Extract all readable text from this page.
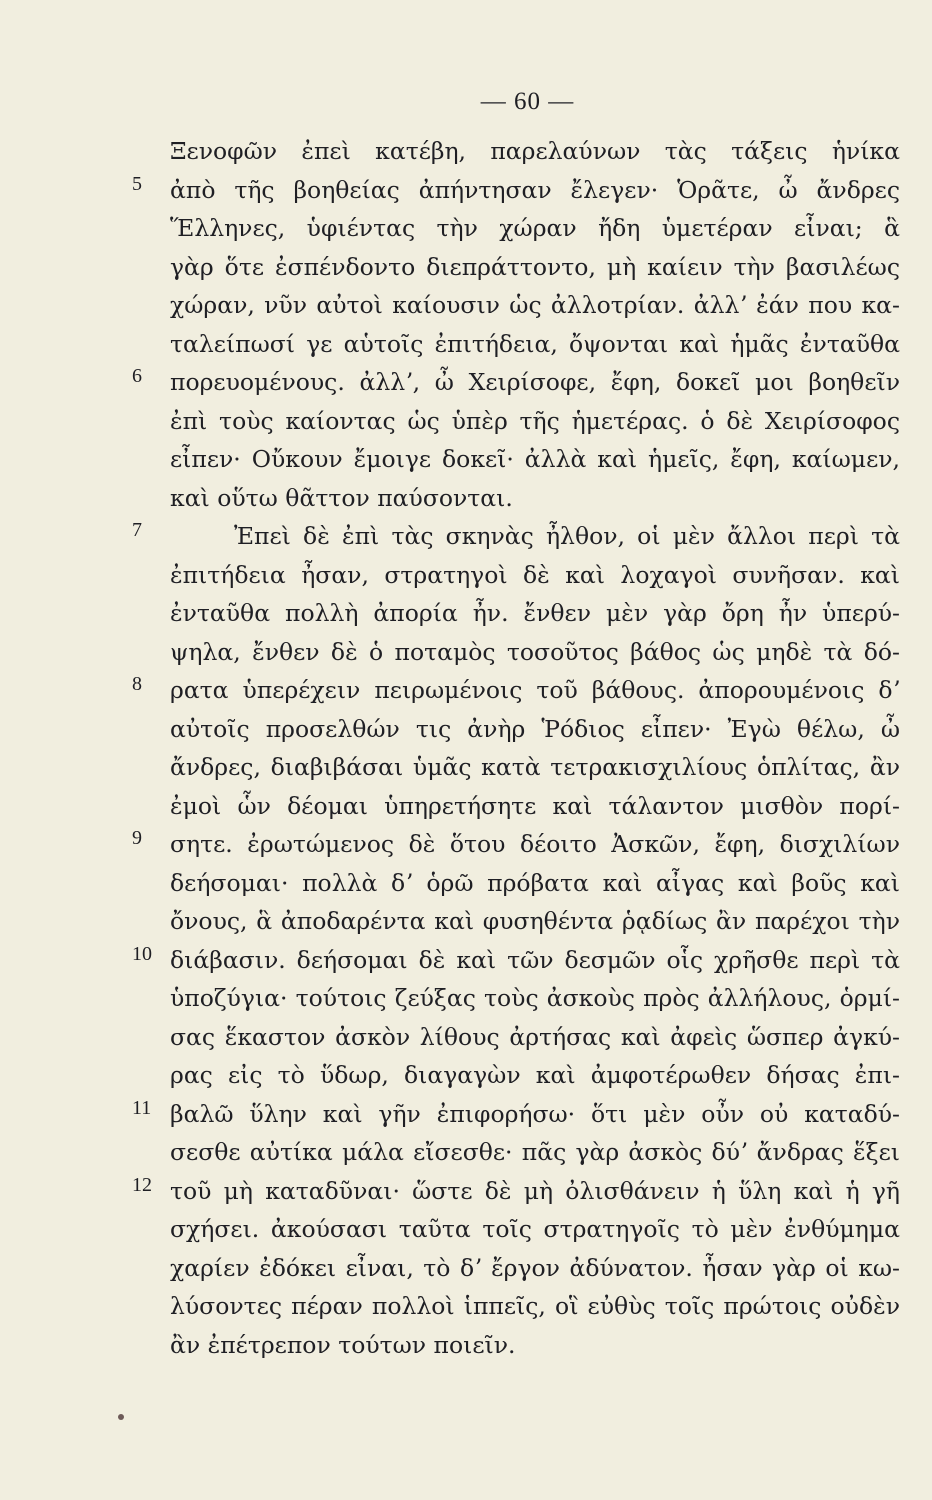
— 60 —
Ξενοφῶν ἐπεὶ κατέβη, παρελαύνων τὰς τάξεις ἡνίκα
5	ἀπὸ τῆς βοηθείας ἀπήντησαν ἔλεγεν· Ὁρᾶτε, ὦ ἄνδρες
Ἕλληνες, ὑφιέντας τὴν χώραν ἤδη ὑμετέραν εἶναι; ἃ
γὰρ ὅτε ἐσπένδοντο διεπράττοντο, μὴ καίειν τὴν βασιλέως
χώραν, νῦν αὐτοὶ καίουσιν ὡς ἀλλοτρίαν. ἀλλʼ ἐάν που κα-
ταλείπωσί γε αὑτοῖς ἐπιτήδεια, ὄψονται καὶ ἡμᾶς ἐνταῦθα
6	πορευομένους. ἀλλʼ, ὦ Χειρίσοφε, ἔφη, δοκεῖ μοι βοηθεῖν
ἐπὶ τοὺς καίοντας ὡς ὑπὲρ τῆς ἡμετέρας. ὁ δὲ Χειρίσοφος
εἶπεν· Οὔκουν ἔμοιγε δοκεῖ· ἀλλὰ καὶ ἡμεῖς, ἔφη, καίωμεν,
καὶ οὕτω θᾶττον παύσονται.
7	Ἐπεὶ δὲ ἐπὶ τὰς σκηνὰς ἦλθον, οἱ μὲν ἄλλοι περὶ τὰ
ἐπιτήδεια ἦσαν, στρατηγοὶ δὲ καὶ λοχαγοὶ συνῆσαν. καὶ
ἐνταῦθα πολλὴ ἀπορία ἦν. ἔνθεν μὲν γὰρ ὄρη ἦν ὑπερύ-
ψηλα, ἔνθεν δὲ ὁ ποταμὸς τοσοῦτος βάθος ὡς μηδὲ τὰ δό-
8	ρατα ὑπερέχειν πειρωμένοις τοῦ βάθους. ἀπορουμένοις δʼ
αὐτοῖς προσελθών τις ἀνὴρ Ῥόδιος εἶπεν· Ἐγὼ θέλω, ὦ
ἄνδρες, διαβιβάσαι ὑμᾶς κατὰ τετρακισχιλίους ὁπλίτας, ἂν
ἐμοὶ ὧν δέομαι ὑπηρετήσητε καὶ τάλαντον μισθὸν πορί-
9	σητε. ἐρωτώμενος δὲ ὅτου δέοιτο Ἀσκῶν, ἔφη, δισχιλίων
δεήσομαι· πολλὰ δʼ ὁρῶ πρόβατα καὶ αἶγας καὶ βοῦς καὶ
ὄνους, ἃ ἀποδαρέντα καὶ φυσηθέντα ῥᾳδίως ἂν παρέχοι τὴν
10 διάβασιν. δεήσομαι δὲ καὶ τῶν δεσμῶν οἷς χρῆσθε περὶ τὰ
ὑποζύγια· τούτοις ζεύξας τοὺς ἀσκοὺς πρὸς ἀλλήλους, ὁρμί-
σας ἕκαστον ἀσκὸν λίθους ἀρτήσας καὶ ἀφεὶς ὥσπερ ἀγκύ-
ρας εἰς τὸ ὕδωρ, διαγαγὼν καὶ ἀμφοτέρωθεν δήσας ἐπι-
11 βαλῶ ὕλην καὶ γῆν ἐπιφορήσω· ὅτι μὲν οὖν οὐ καταδύ-
σεσθε αὐτίκα μάλα εἴσεσθε· πᾶς γὰρ ἀσκὸς δύʼ ἄνδρας ἕξει
12 τοῦ μὴ καταδῦναι· ὥστε δὲ μὴ ὀλισθάνειν ἡ ὕλη καὶ ἡ γῆ
σχήσει. ἀκούσασι ταῦτα τοῖς στρατηγοῖς τὸ μὲν ἐνθύμημα
χαρίεν ἐδόκει εἶναι, τὸ δʼ ἔργον ἀδύνατον. ἦσαν γὰρ οἱ κω-
λύσοντες πέραν πολλοὶ ἱππεῖς, οἳ εὐθὺς τοῖς πρώτοις οὐδὲν
ἂν ἐπέτρεπον τούτων ποιεῖν.
